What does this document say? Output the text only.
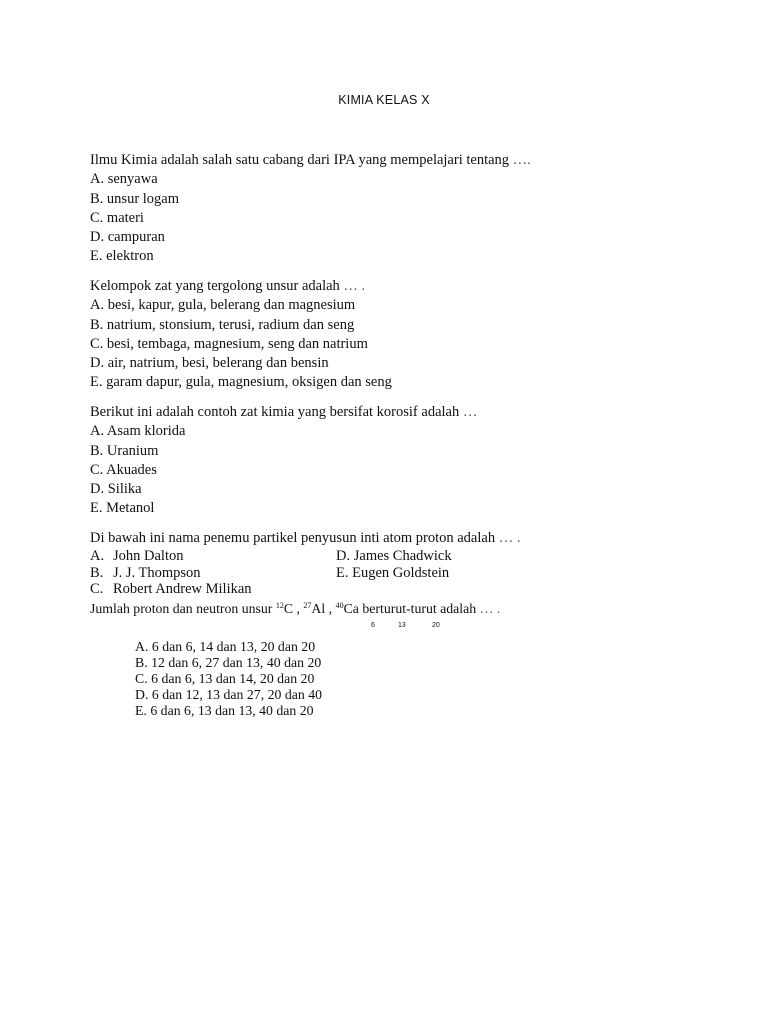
KIMIA KELAS X
Ilmu Kimia adalah salah satu cabang dari IPA yang mempelajari tentang ….
A. senyawa
B. unsur logam
C. materi
D. campuran
E. elektron
Kelompok zat yang tergolong unsur adalah … .
A. besi, kapur, gula, belerang dan magnesium
B. natrium, stonsium, terusi, radium dan seng
C. besi, tembaga, magnesium, seng dan natrium
D. air, natrium, besi, belerang dan bensin
E. garam dapur, gula, magnesium, oksigen dan seng
Berikut ini adalah contoh zat kimia yang bersifat korosif adalah …
A. Asam klorida
B. Uranium
C. Akuades
D. Silika
E. Metanol
Di bawah ini nama penemu partikel penyusun inti atom proton adalah … .
A. John Dalton	D. James Chadwick
B. J. J. Thompson	E. Eugen Goldstein
C. Robert Andrew Milikan
Jumlah proton dan neutron unsur $^{12}$C , $^{27}$Al , $^{40}$Ca berturut-turut adalah … .
6	13	20
A. 6 dan 6, 14 dan 13, 20 dan 20
B. 12 dan 6, 27 dan 13, 40 dan 20
C. 6 dan 6, 13 dan 14, 20 dan 20
D. 6 dan 12, 13 dan 27, 20 dan 40
E. 6 dan 6, 13 dan 13, 40 dan 20
